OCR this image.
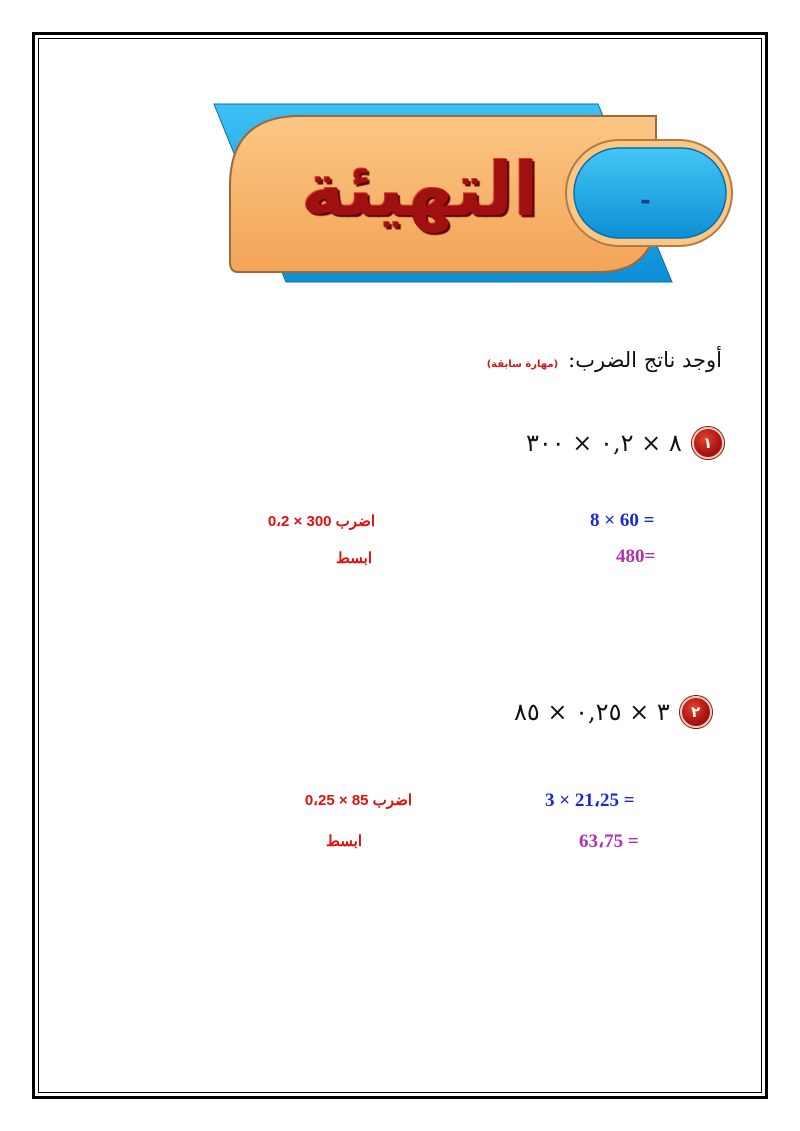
التهيئة	-
أوجد ناتج الضرب:
(مهارة سابقة)
٨ × ٠,٢ × ٣٠٠	١
8 × 60 =
اضرب 300 × 0،2
480=
ابسط
٣ × ٠,٢٥ × ٨٥	٢
3 × 21،25 =
اضرب 85 × 0،25
63،75 =
ابسط
